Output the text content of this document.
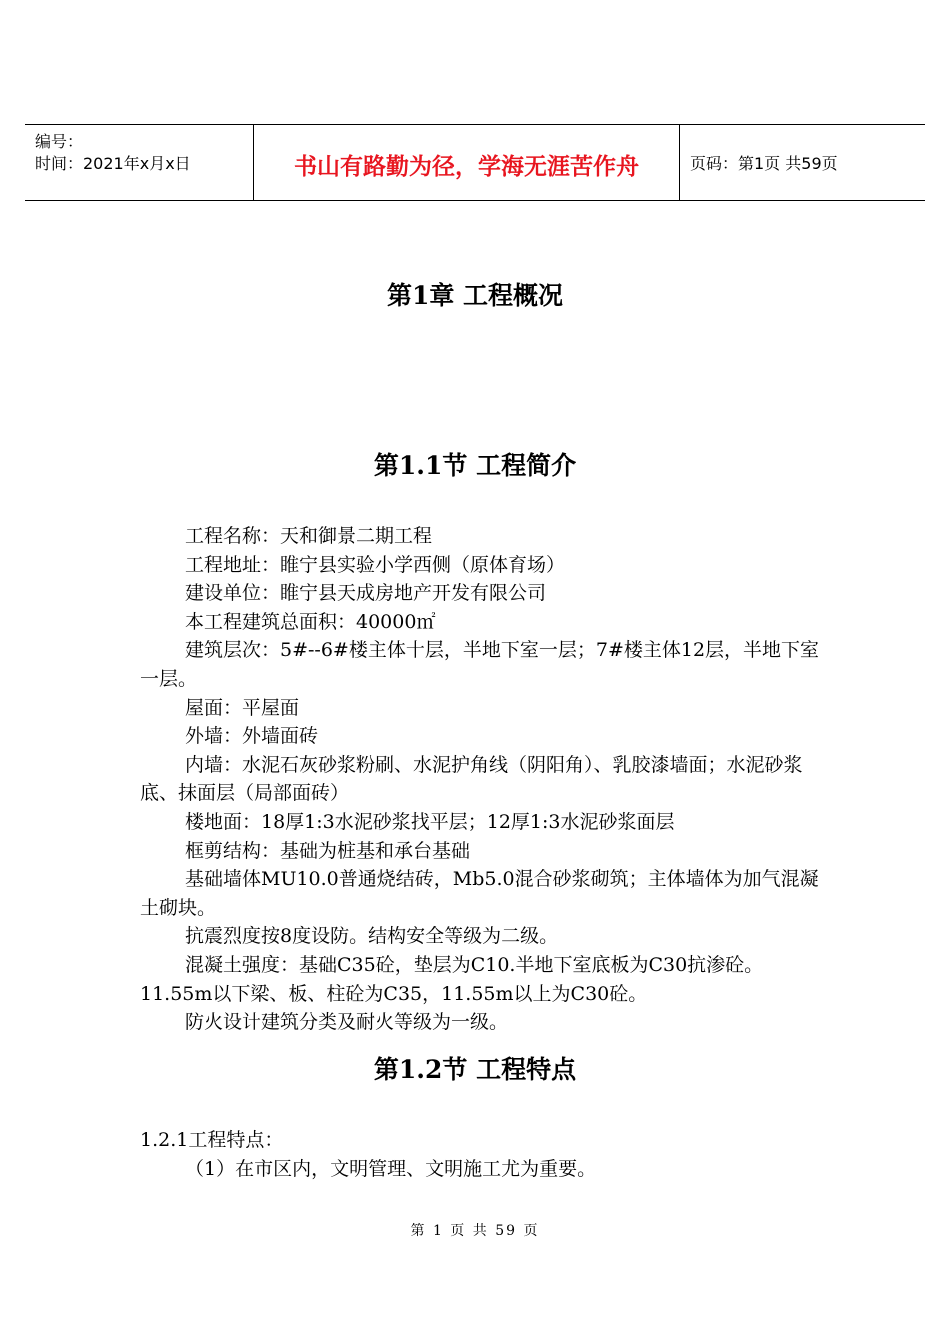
编号：
时间：2021年x月x日	书山有路勤为径，学海无涯苦作舟	页码：第1页 共59页
第1章 工程概况
第1.1节 工程简介

工程名称：天和御景二期工程

工程地址：睢宁县实验小学西侧（原体育场）

建设单位：睢宁县天成房地产开发有限公司

本工程建筑总面积：40000㎡

建筑层次：5#--6#楼主体十层，半地下室一层；7#楼主体12层，半地下室一层。

屋面：平屋面

外墙：外墙面砖

内墙：水泥石灰砂浆粉刷、水泥护角线（阴阳角）、乳胶漆墙面；水泥砂浆底、抹面层（局部面砖）

楼地面：18厚1:3水泥砂浆找平层；12厚1:3水泥砂浆面层

框剪结构：基础为桩基和承台基础

基础墙体MU10.0普通烧结砖，Mb5.0混合砂浆砌筑；主体墙体为加气混凝土砌块。

抗震烈度按8度设防。结构安全等级为二级。

混凝土强度：基础C35砼，垫层为C10.半地下室底板为C30抗渗砼。11.55m以下梁、板、柱砼为C35，11.55m以上为C30砼。

防火设计建筑分类及耐火等级为一级。

第1.2节 工程特点

1.2.1工程特点：

（1）在市区内，文明管理、文明施工尤为重要。

第 1 页 共 59 页
